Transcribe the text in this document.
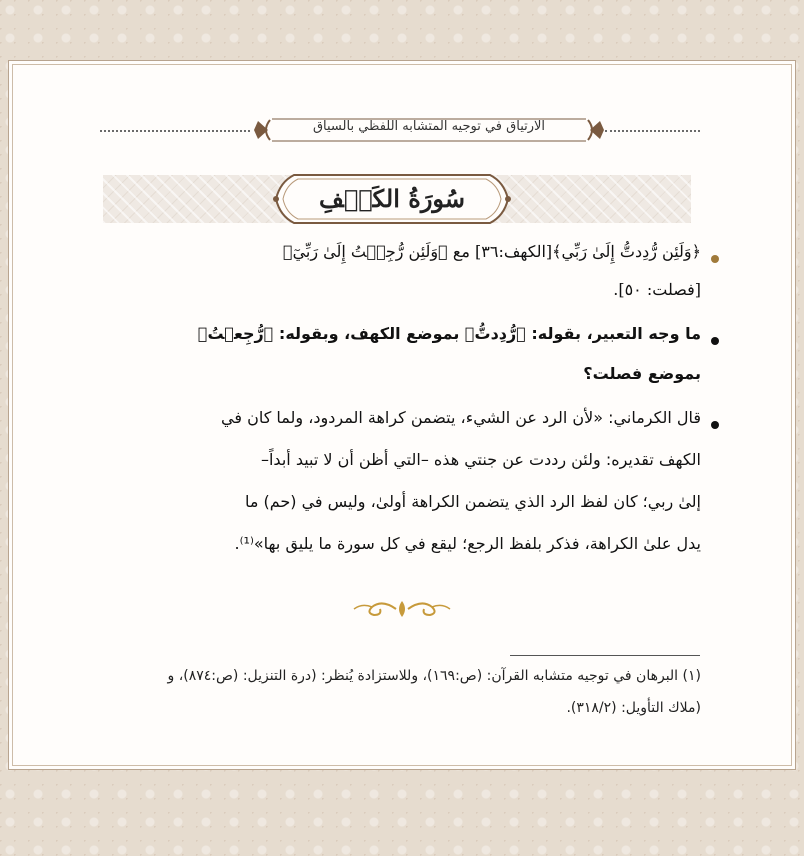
الارتياق في توجيه المتشابه اللفظي بالسياق
سُورَةُ الكَهۡفِ
﴿وَلَئِن رُّدِدتُّ إِلَىٰ رَبِّي﴾[الكهف:٣٦] مع ﴿وَلَئِن رُّجِعۡتُ إِلَىٰ رَبِّيٓ﴾
[فصلت: ٥٠].
ما وجه التعبير، بقوله: ﴿رُّدِدتُّ﴾ بموضع الكهف، وبقوله: ﴿رُّجِعۡتُ﴾
بموضع فصلت؟
قال الكرماني: «لأن الرد عن الشيء، يتضمن كراهة المردود، ولما كان في
الكهف تقديره: ولئن رددت عن جنتي هذه –التي أظن أن لا تبيد أبداً–
إلىٰ ربي؛ كان لفظ الرد الذي يتضمن الكراهة أولىٰ، وليس في (حم) ما
يدل علىٰ الكراهة، فذكر بلفظ الرجع؛ ليقع في كل سورة ما يليق بها»⁽¹⁾.
(١) البرهان في توجيه متشابه القرآن: (ص:١٦٩)، وللاستزادة يُنظر: (درة التنزيل: (ص:٨٧٤)، و
(ملاك التأويل: (٣١٨/٢).
